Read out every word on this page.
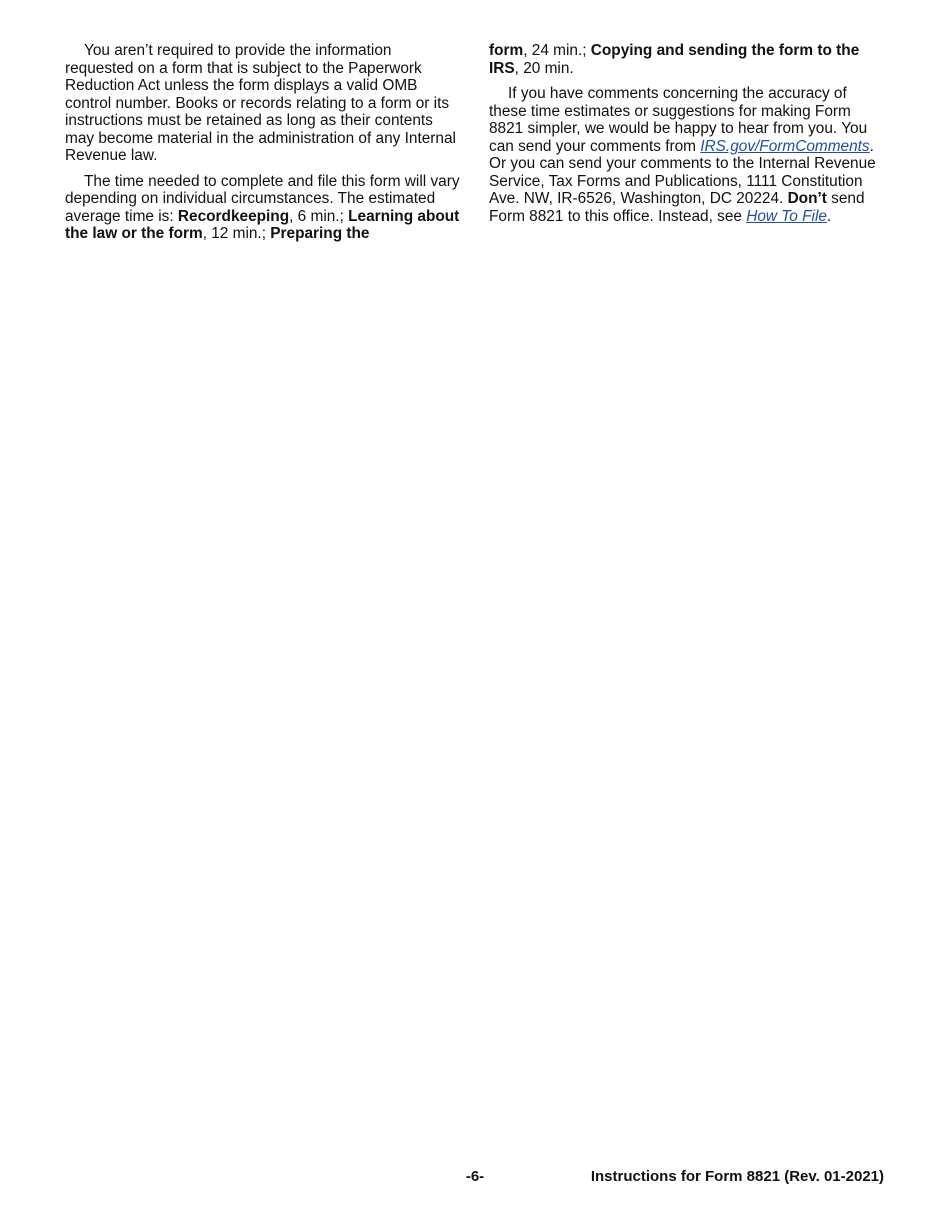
You aren’t required to provide the information requested on a form that is subject to the Paperwork Reduction Act unless the form displays a valid OMB control number. Books or records relating to a form or its instructions must be retained as long as their contents may become material in the administration of any Internal Revenue law.

The time needed to complete and file this form will vary depending on individual circumstances. The estimated average time is: Recordkeeping, 6 min.; Learning about the law or the form, 12 min.; Preparing the

form, 24 min.; Copying and sending the form to the IRS, 20 min.

If you have comments concerning the accuracy of these time estimates or suggestions for making Form 8821 simpler, we would be happy to hear from you. You can send your comments from IRS.gov/FormComments. Or you can send your comments to the Internal Revenue Service, Tax Forms and Publications, 1111 Constitution Ave. NW, IR-6526, Washington, DC 20224. Don’t send Form 8821 to this office. Instead, see How To File.

-6-	Instructions for Form 8821 (Rev. 01-2021)
